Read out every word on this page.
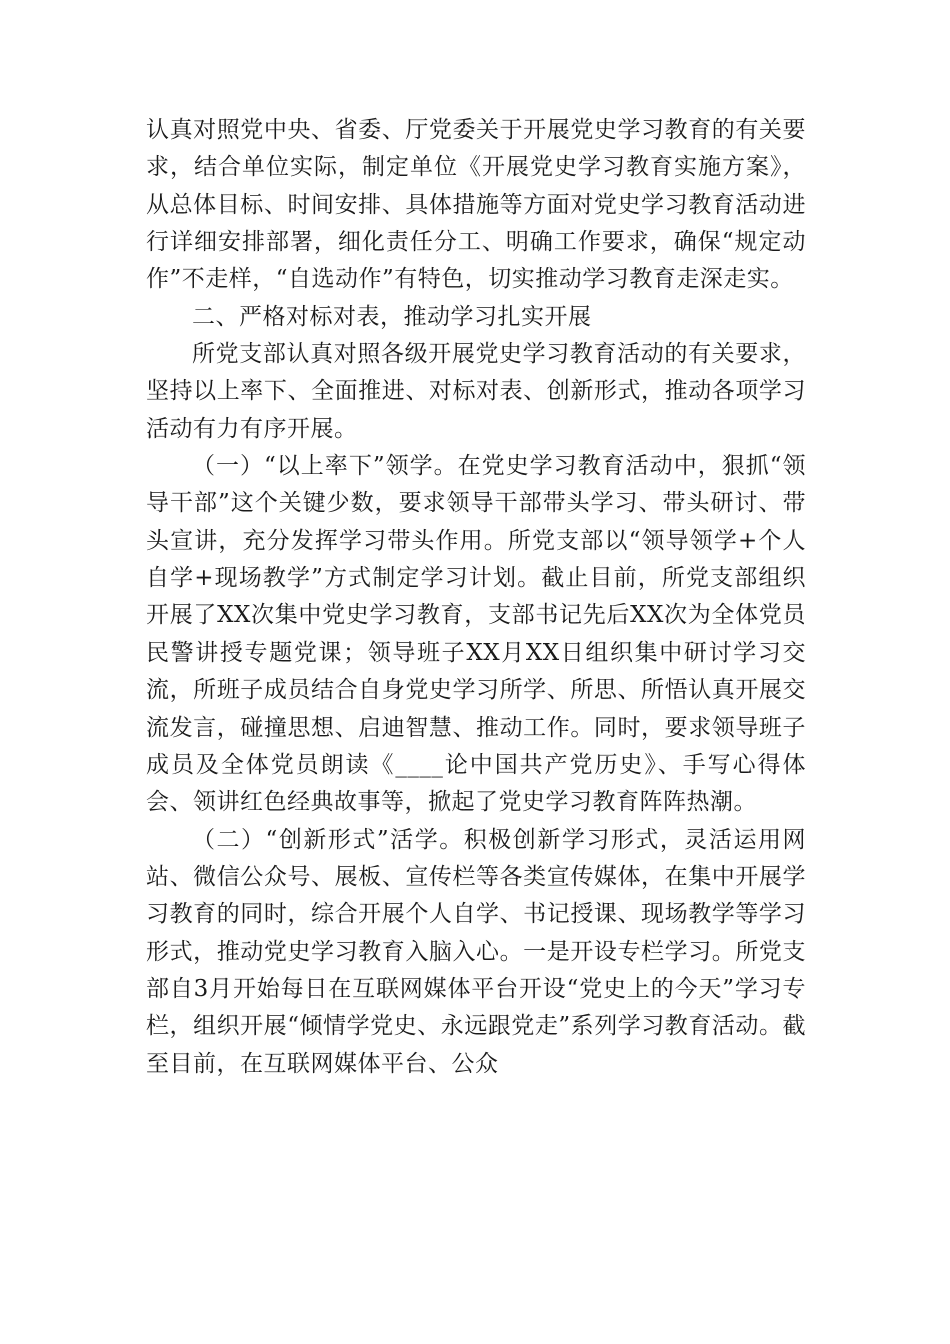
认真对照党中央、省委、厅党委关于开展党史学习教育的有关要求，结合单位实际，制定单位《开展党史学习教育实施方案》，从总体目标、时间安排、具体措施等方面对党史学习教育活动进行详细安排部署，细化责任分工、明确工作要求，确保“规定动作”不走样，“自选动作”有特色，切实推动学习教育走深走实。

二、严格对标对表，推动学习扎实开展

所党支部认真对照各级开展党史学习教育活动的有关要求，坚持以上率下、全面推进、对标对表、创新形式，推动各项学习活动有力有序开展。

（一）“以上率下”领学。在党史学习教育活动中，狠抓“领导干部”这个关键少数，要求领导干部带头学习、带头研讨、带头宣讲，充分发挥学习带头作用。所党支部以“领导领学+个人自学+现场教学”方式制定学习计划。截止目前，所党支部组织开展了XX次集中党史学习教育，支部书记先后XX次为全体党员民警讲授专题党课；领导班子XX月XX日组织集中研讨学习交流，所班子成员结合自身党史学习所学、所思、所悟认真开展交流发言，碰撞思想、启迪智慧、推动工作。同时，要求领导班子成员及全体党员朗读《____论中国共产党历史》、手写心得体会、领讲红色经典故事等，掀起了党史学习教育阵阵热潮。

（二）“创新形式”活学。积极创新学习形式，灵活运用网站、微信公众号、展板、宣传栏等各类宣传媒体，在集中开展学习教育的同时，综合开展个人自学、书记授课、现场教学等学习形式，推动党史学习教育入脑入心。一是开设专栏学习。所党支部自3月开始每日在互联网媒体平台开设“党史上的今天”学习专栏，组织开展“倾情学党史、永远跟党走”系列学习教育活动。截至目前，在互联网媒体平台、公众
